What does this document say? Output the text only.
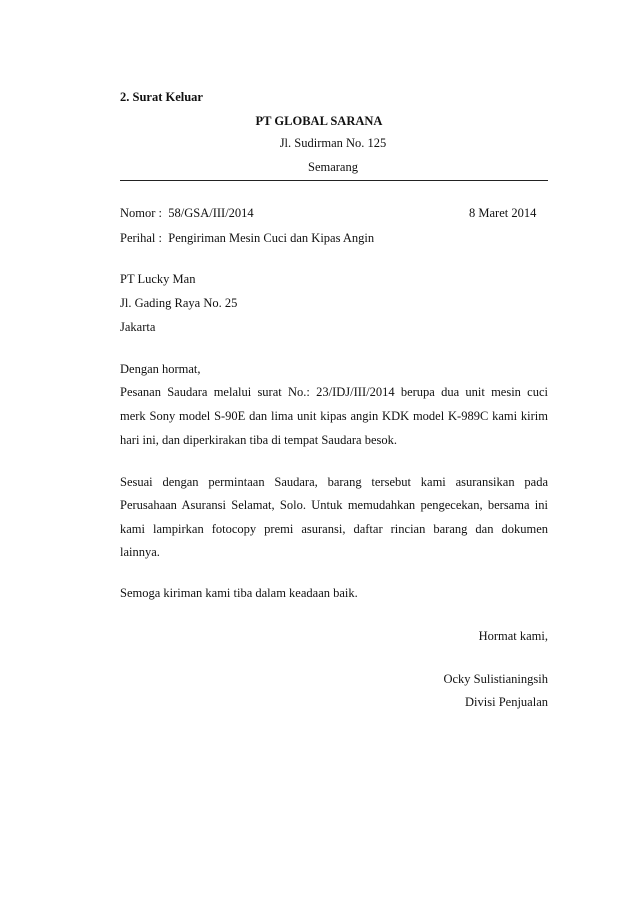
2. Surat Keluar
PT GLOBAL SARANA
Jl. Sudirman No. 125
Semarang
Nomor : 58/GSA/III/2014	8 Maret 2014
Perihal : Pengiriman Mesin Cuci dan Kipas Angin
PT Lucky Man
Jl. Gading Raya No. 25
Jakarta
Dengan hormat,
Pesanan Saudara melalui surat No.: 23/IDJ/III/2014 berupa dua unit mesin cuci
merk Sony model S-90E dan lima unit kipas angin KDK model K-989C kami kirim
hari ini, dan diperkirakan tiba di tempat Saudara besok.
Sesuai dengan permintaan Saudara, barang tersebut kami asuransikan pada
Perusahaan Asuransi Selamat, Solo. Untuk memudahkan pengecekan, bersama ini
kami lampirkan fotocopy premi asuransi, daftar rincian barang dan dokumen
lainnya.
Semoga kiriman kami tiba dalam keadaan baik.
Hormat kami,
Ocky Sulistianingsih
Divisi Penjualan
